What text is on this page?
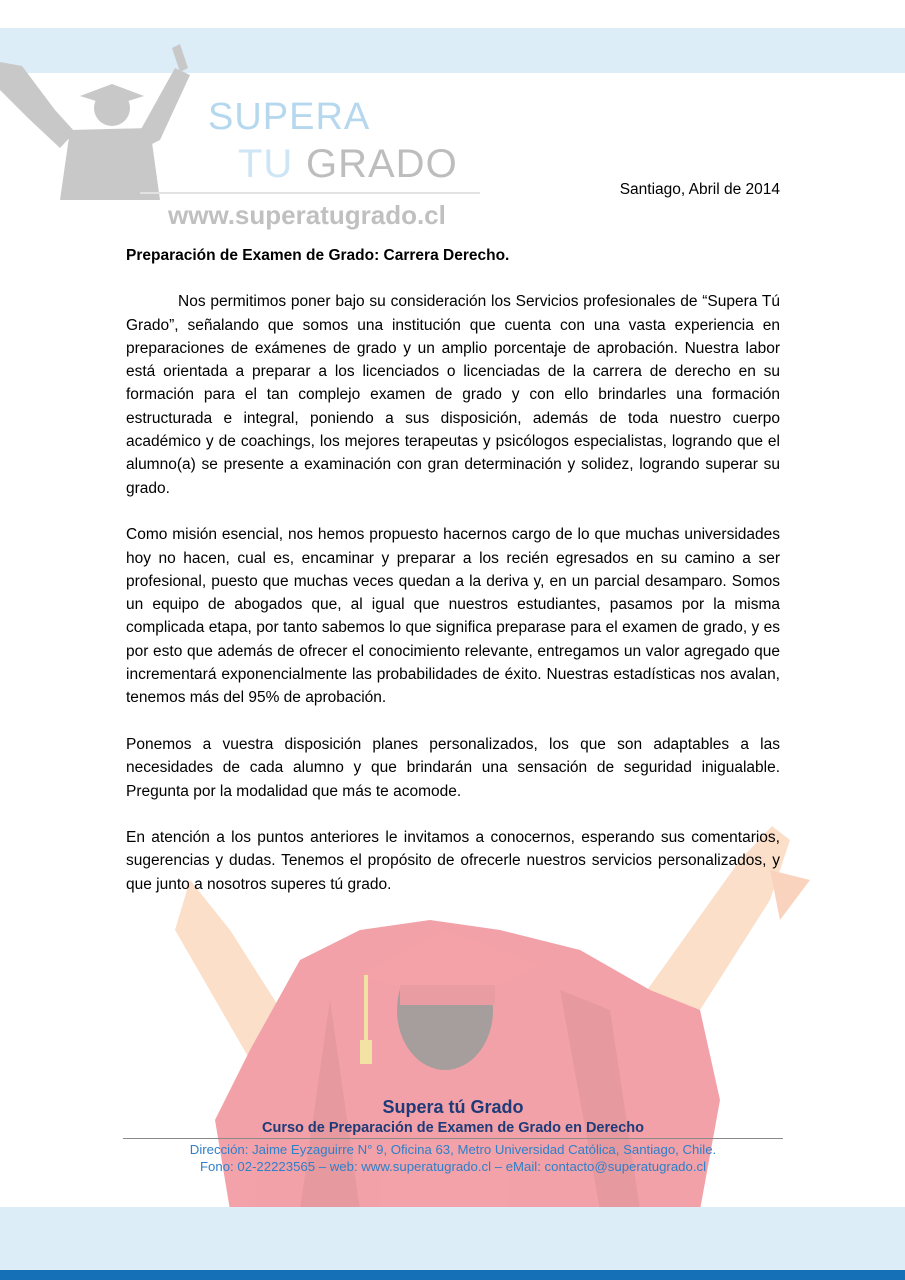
SUPERA
TU GRADO
www.superatugrado.cl
Santiago, Abril de 2014

Preparación de Examen de Grado: Carrera Derecho.

Nos permitimos poner bajo su consideración los Servicios profesionales de “Supera Tú Grado”, señalando que somos una institución que cuenta con una vasta experiencia en preparaciones de exámenes de grado y un amplio porcentaje de aprobación. Nuestra labor está orientada a preparar a los licenciados o licenciadas de la carrera de derecho en su formación para el tan complejo examen de grado y con ello brindarles una formación estructurada e integral, poniendo a sus disposición, además de toda nuestro cuerpo académico y de coachings, los mejores terapeutas y psicólogos especialistas, logrando que el alumno(a) se presente a examinación con gran determinación y solidez, logrando superar su grado.

Como misión esencial, nos hemos propuesto hacernos cargo de lo que muchas universidades hoy no hacen, cual es, encaminar y preparar a los recién egresados en su camino a ser profesional, puesto que muchas veces quedan a la deriva y, en un parcial desamparo. Somos un equipo de abogados que, al igual que nuestros estudiantes, pasamos por la misma complicada etapa, por tanto sabemos lo que significa preparase para el examen de grado, y es por esto que además de ofrecer el conocimiento relevante, entregamos un valor agregado que incrementará exponencialmente las probabilidades de éxito. Nuestras estadísticas nos avalan, tenemos más del 95% de aprobación.

Ponemos a vuestra disposición planes personalizados, los que son adaptables a las necesidades de cada alumno y que brindarán una sensación de seguridad inigualable. Pregunta por la modalidad que más te acomode.

En atención a los puntos anteriores le invitamos a conocernos, esperando sus comentarios, sugerencias y dudas. Tenemos el propósito de ofrecerle nuestros servicios personalizados, y que junto a nosotros superes tú grado.

Supera tú Grado
Curso de Preparación de Examen de Grado en Derecho
Dirección: Jaime Eyzaguirre N° 9, Oficina 63, Metro Universidad Católica, Santiago, Chile.
Fono: 02-22223565 – web: www.superatugrado.cl – eMail: contacto@superatugrado.cl
